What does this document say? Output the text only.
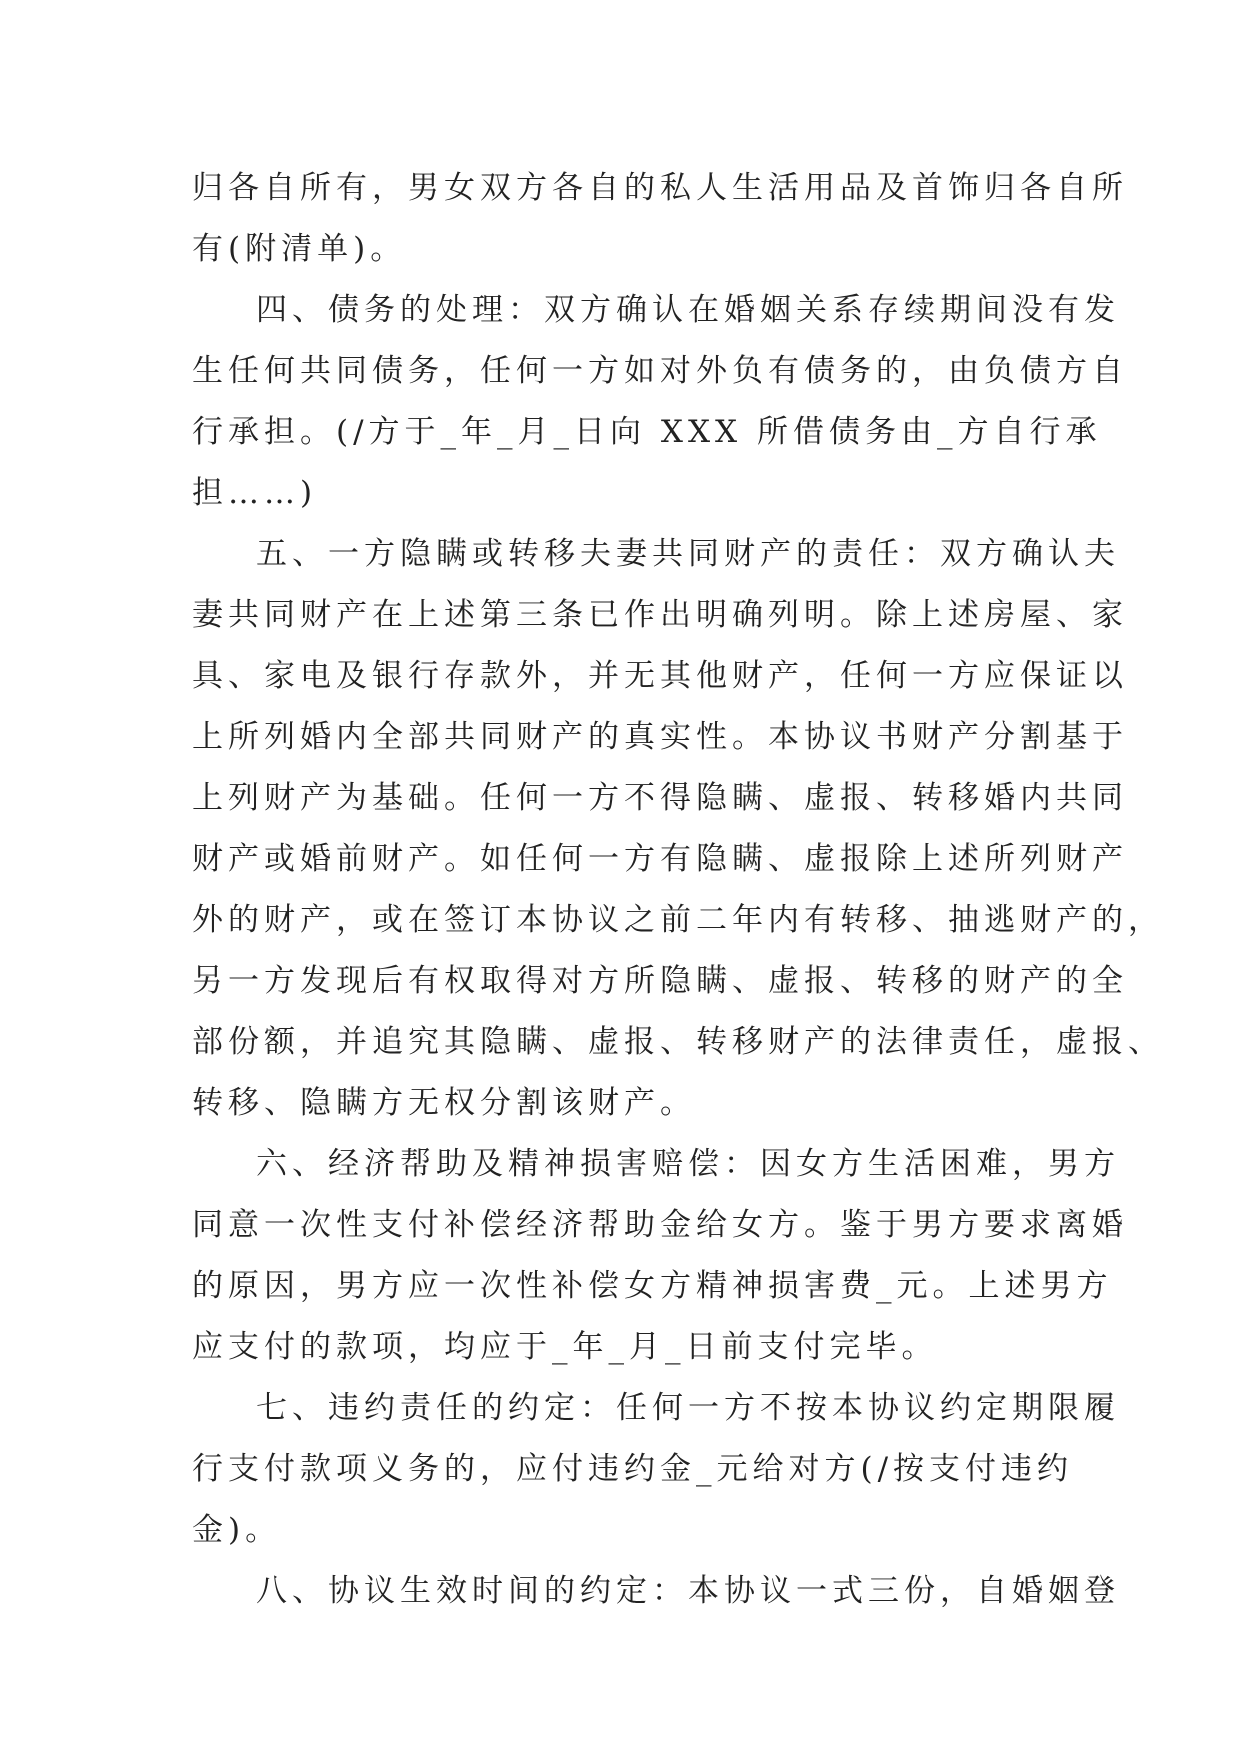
归各自所有，男女双方各自的私人生活用品及首饰归各自所
有(附清单)。
四、债务的处理：双方确认在婚姻关系存续期间没有发
生任何共同债务，任何一方如对外负有债务的，由负债方自
行承担。(/方于_年_月_日向 XXX 所借债务由_方自行承
担……)
五、一方隐瞒或转移夫妻共同财产的责任：双方确认夫
妻共同财产在上述第三条已作出明确列明。除上述房屋、家
具、家电及银行存款外，并无其他财产，任何一方应保证以
上所列婚内全部共同财产的真实性。本协议书财产分割基于
上列财产为基础。任何一方不得隐瞒、虚报、转移婚内共同
财产或婚前财产。如任何一方有隐瞒、虚报除上述所列财产
外的财产，或在签订本协议之前二年内有转移、抽逃财产的，
另一方发现后有权取得对方所隐瞒、虚报、转移的财产的全
部份额，并追究其隐瞒、虚报、转移财产的法律责任，虚报、
转移、隐瞒方无权分割该财产。
六、经济帮助及精神损害赔偿：因女方生活困难，男方
同意一次性支付补偿经济帮助金给女方。鉴于男方要求离婚
的原因，男方应一次性补偿女方精神损害费_元。上述男方
应支付的款项，均应于_年_月_日前支付完毕。
七、违约责任的约定：任何一方不按本协议约定期限履
行支付款项义务的，应付违约金_元给对方(/按支付违约
金)。
八、协议生效时间的约定：本协议一式三份，自婚姻登
